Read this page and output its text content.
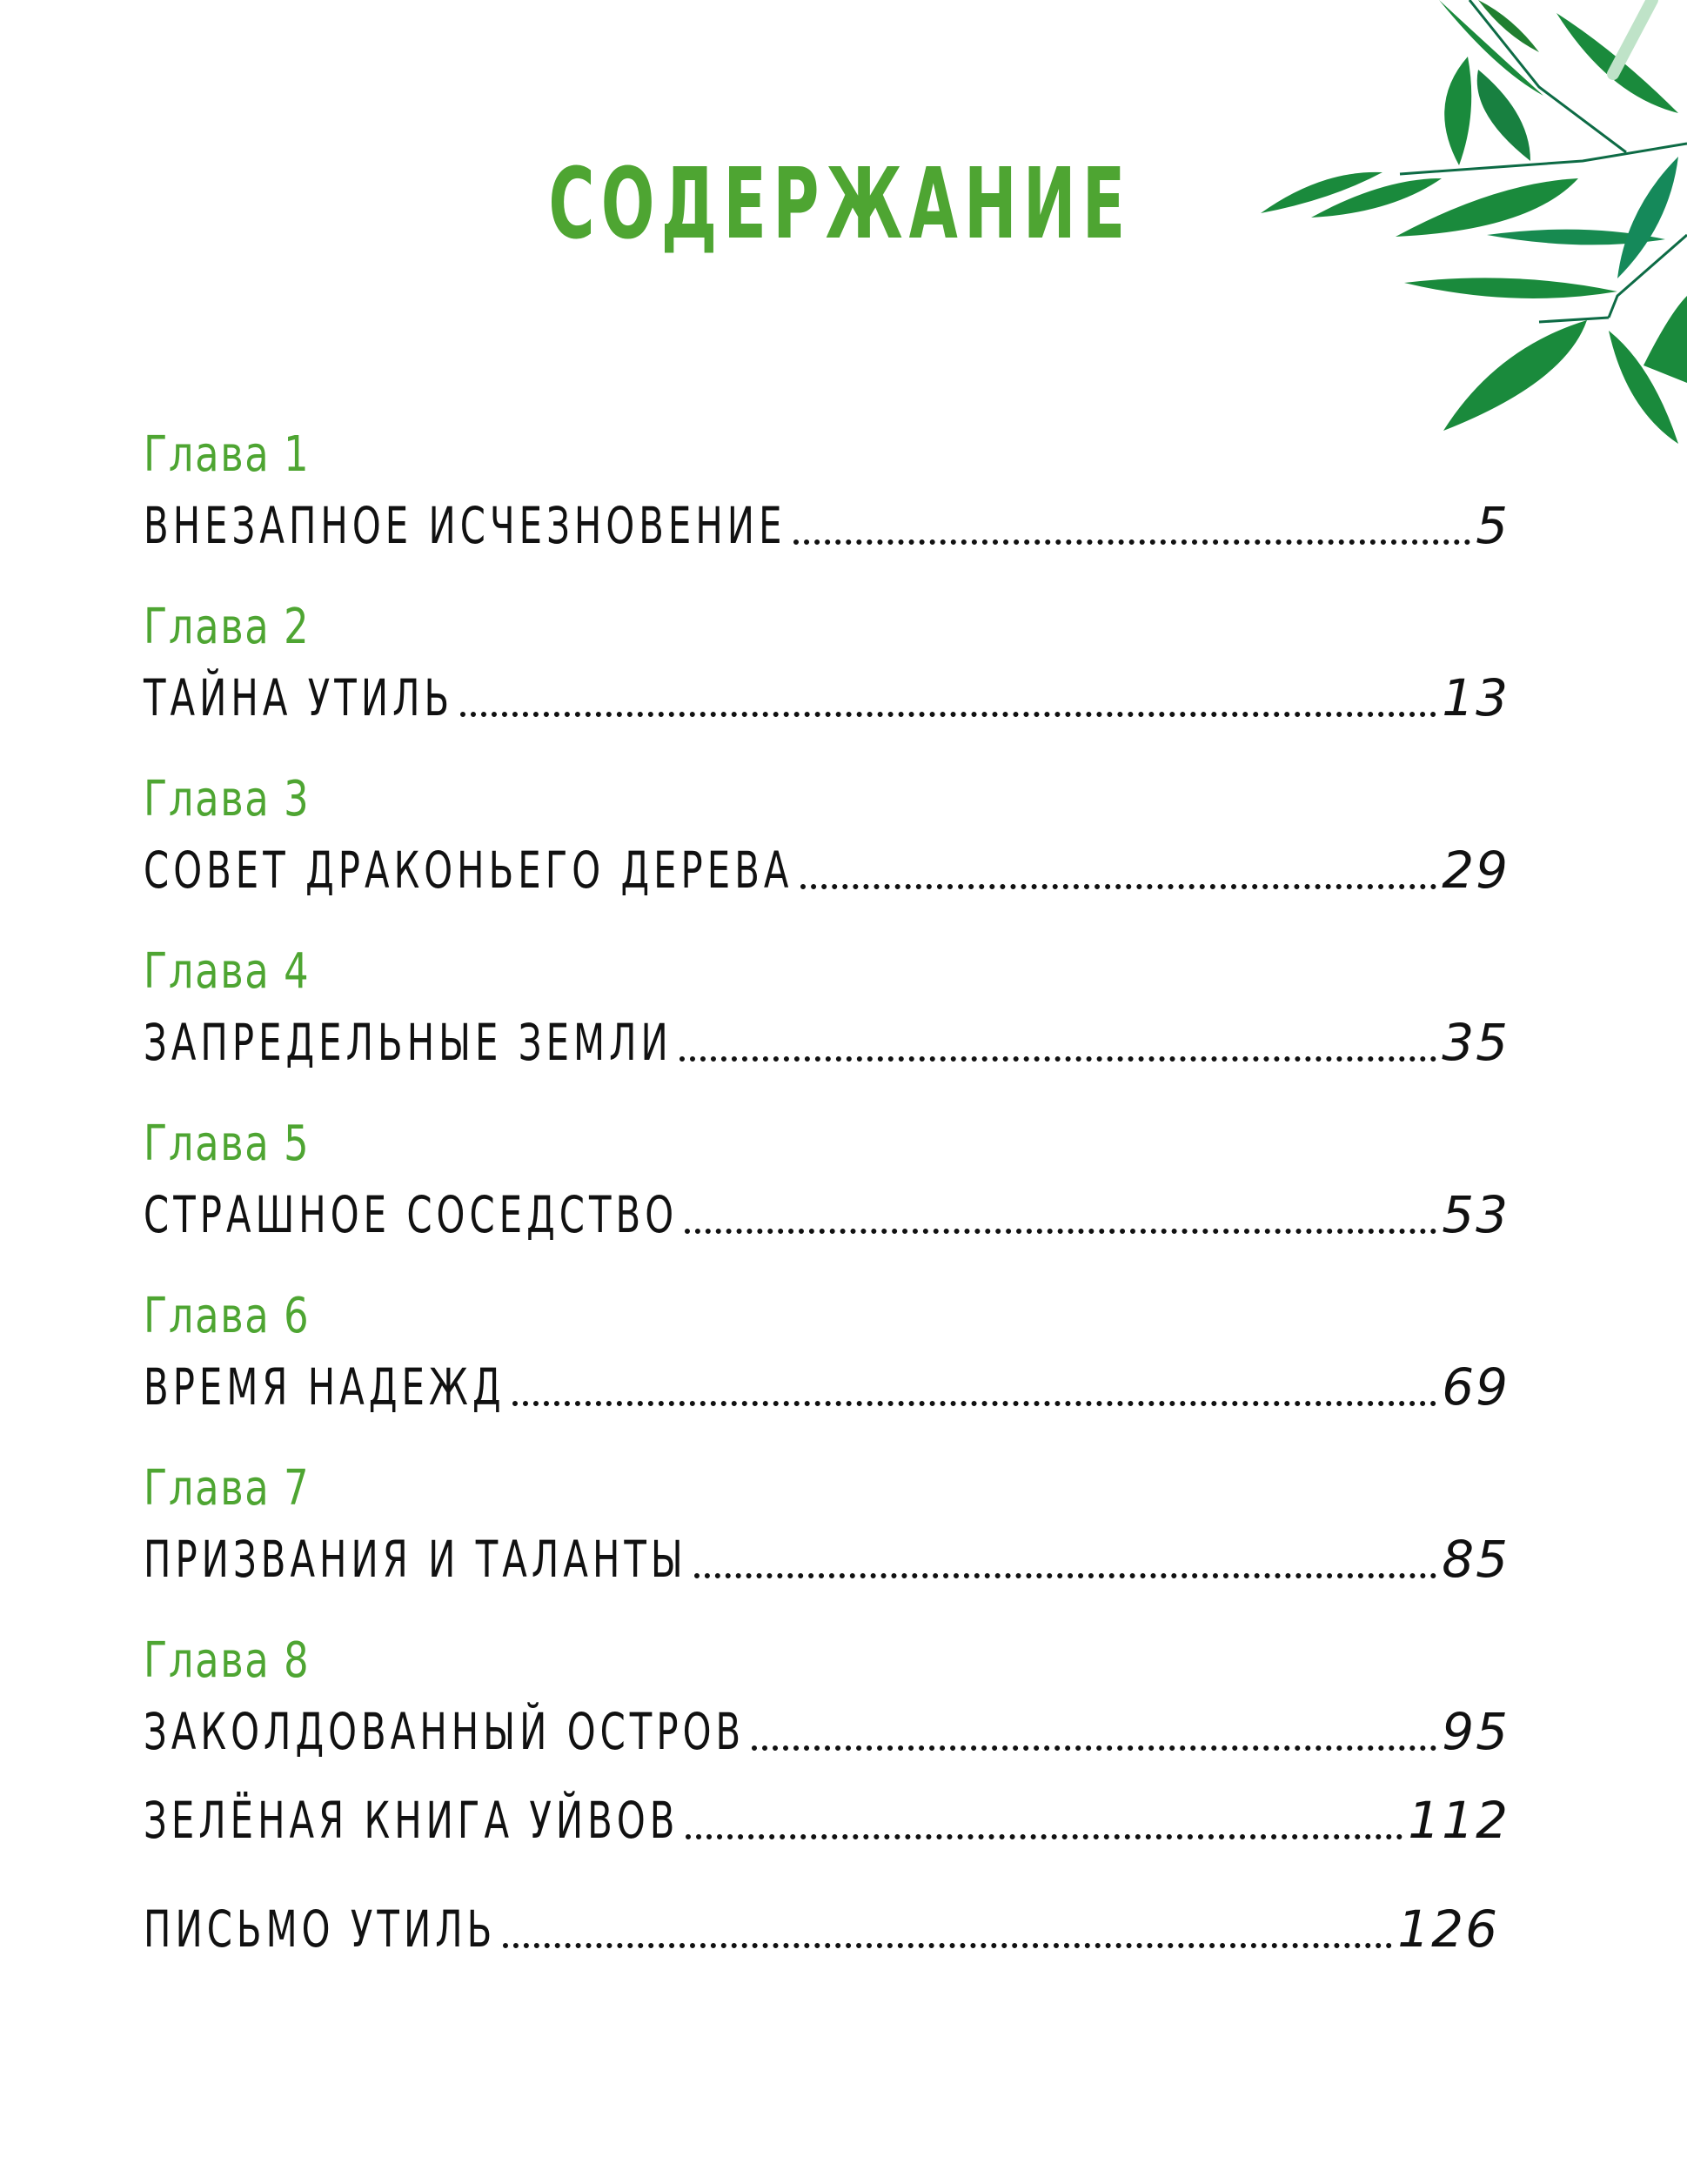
СОДЕРЖАНИЕ
Глава 1
ВНЕЗАПНОЕ ИСЧЕЗНОВЕНИЕ	5
Глава 2
ТАЙНА УТИЛЬ	13
Глава 3
СОВЕТ ДРАКОНЬЕГО ДЕРЕВА	29
Глава 4
ЗАПРЕДЕЛЬНЫЕ ЗЕМЛИ	35
Глава 5
СТРАШНОЕ СОСЕДСТВО	53
Глава 6
ВРЕМЯ НАДЕЖД	69
Глава 7
ПРИЗВАНИЯ И ТАЛАНТЫ	85
Глава 8
ЗАКОЛДОВАННЫЙ ОСТРОВ	95
ЗЕЛЁНАЯ КНИГА УЙВОВ	112
ПИСЬМО УТИЛЬ	126
